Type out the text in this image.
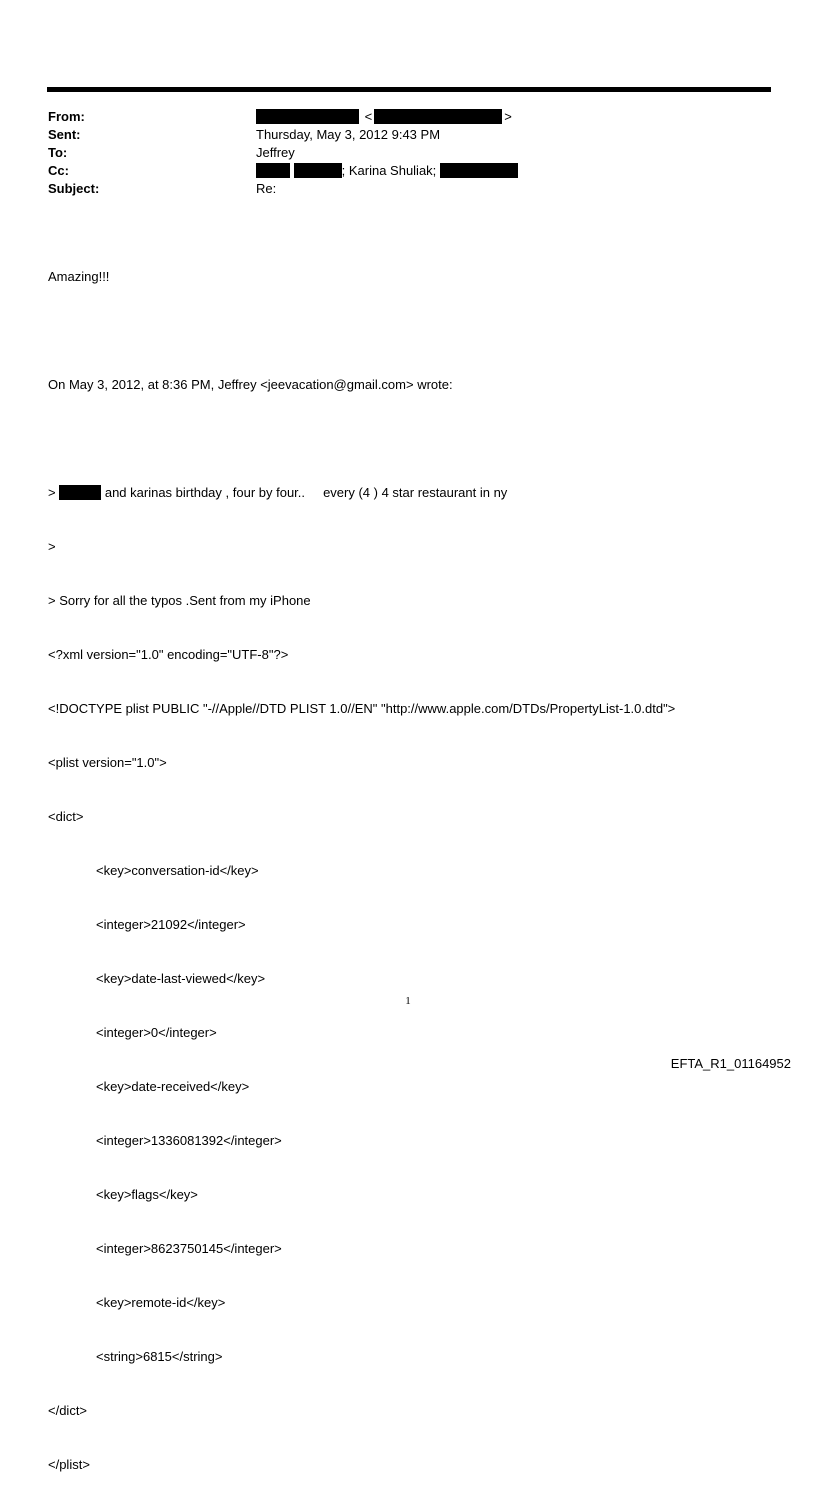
From:	<	>
Sent:	Thursday, May 3, 2012 9:43 PM
To:	Jeffrey
Cc:	; Karina Shuliak;
Subject:	Re:

Amazing!!!

On May 3, 2012, at 8:36 PM, Jeffrey <jeevacation@gmail.com> wrote:

>	and karinas birthday , four by four..     every (4 ) 4 star restaurant in ny

>

> Sorry for all the typos .Sent from my iPhone

<?xml version="1.0" encoding="UTF-8"?>

<!DOCTYPE plist PUBLIC "-//Apple//DTD PLIST 1.0//EN" "http://www.apple.com/DTDs/PropertyList-1.0.dtd">

<plist version="1.0">

<dict>

<key>conversation-id</key>

<integer>21092</integer>

<key>date-last-viewed</key>

<integer>0</integer>

<key>date-received</key>

<integer>1336081392</integer>

<key>flags</key>

<integer>8623750145</integer>

<key>remote-id</key>

<string>6815</string>

</dict>

</plist>

1
EFTA_R1_01164952
